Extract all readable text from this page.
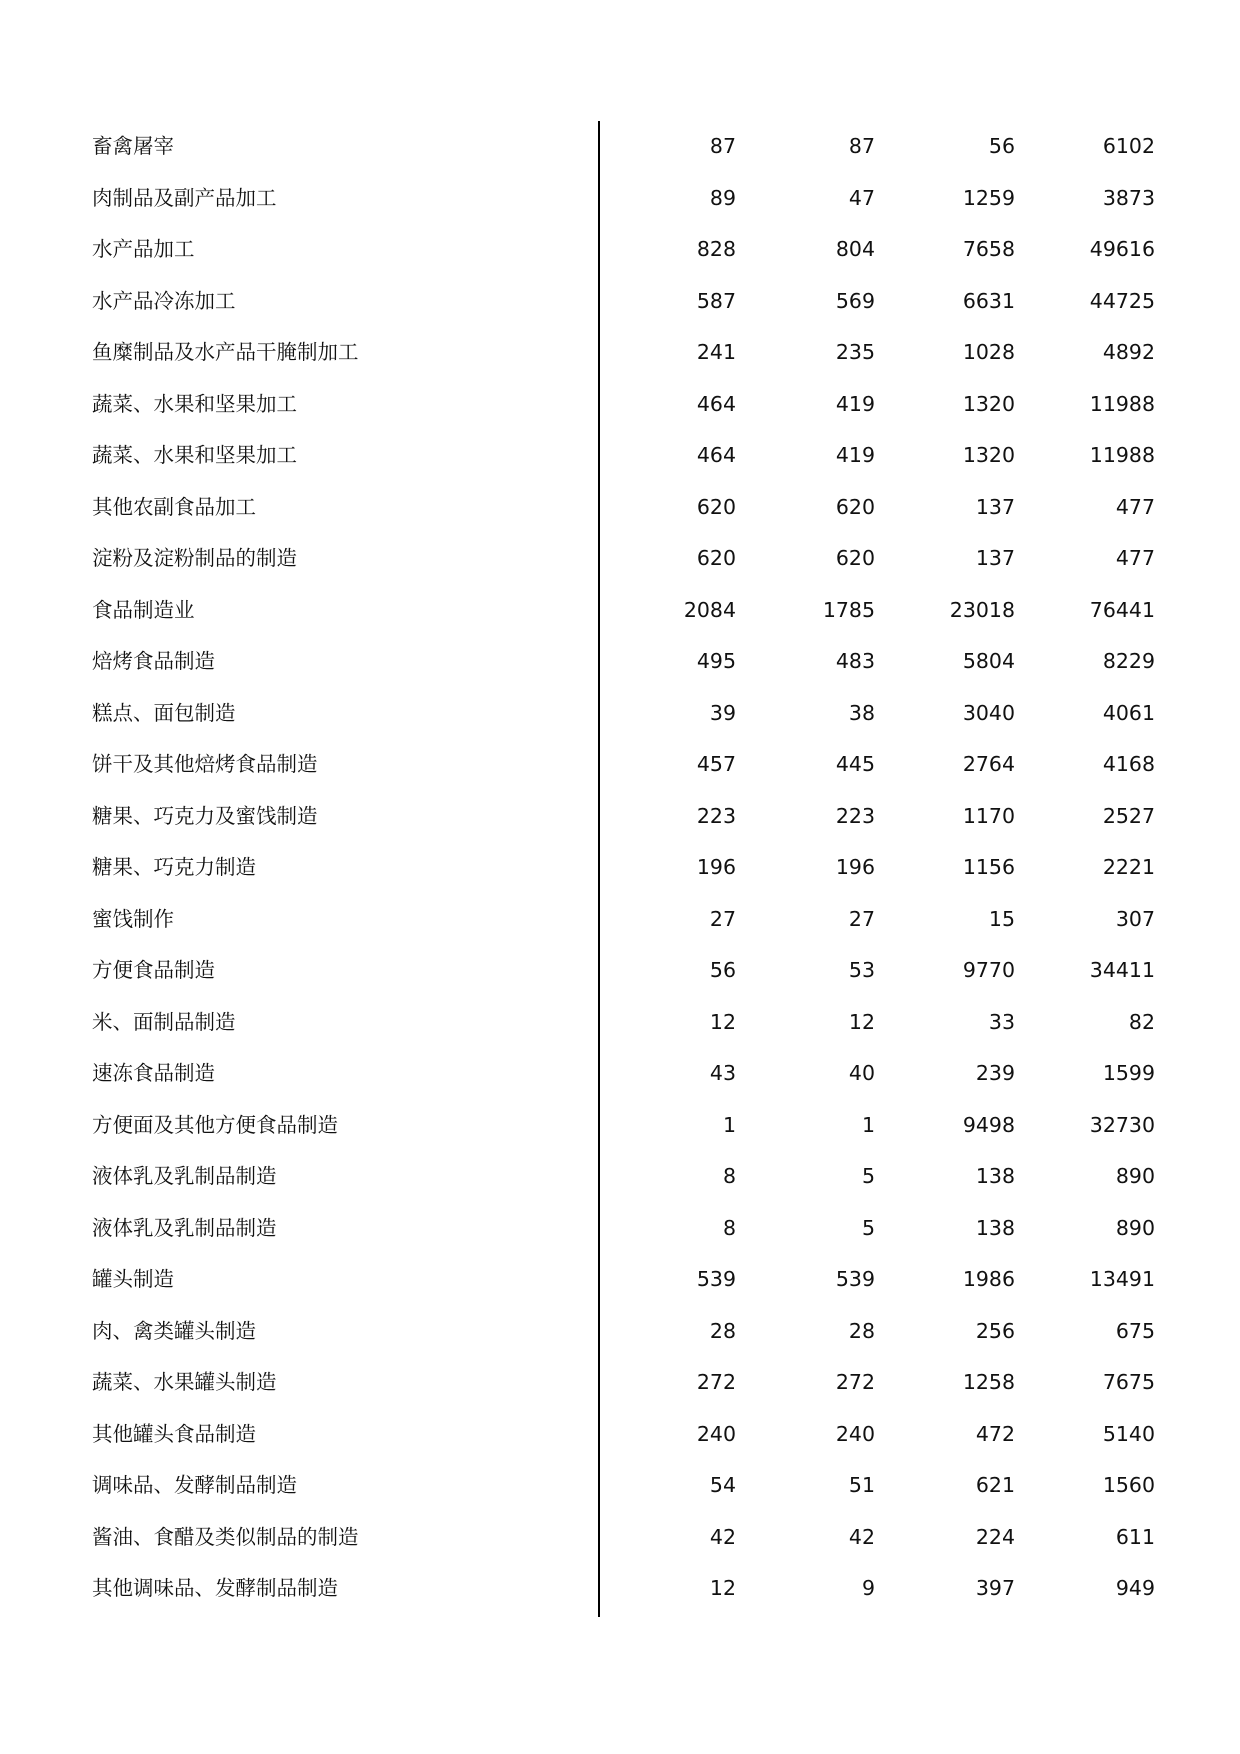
畜禽屠宰	87	87	56	6102
肉制品及副产品加工	89	47	1259	3873
水产品加工	828	804	7658	49616
水产品冷冻加工	587	569	6631	44725
鱼糜制品及水产品干腌制加工	241	235	1028	4892
蔬菜、水果和坚果加工	464	419	1320	11988
蔬菜、水果和坚果加工	464	419	1320	11988
其他农副食品加工	620	620	137	477
淀粉及淀粉制品的制造	620	620	137	477
食品制造业	2084	1785	23018	76441
焙烤食品制造	495	483	5804	8229
糕点、面包制造	39	38	3040	4061
饼干及其他焙烤食品制造	457	445	2764	4168
糖果、巧克力及蜜饯制造	223	223	1170	2527
糖果、巧克力制造	196	196	1156	2221
蜜饯制作	27	27	15	307
方便食品制造	56	53	9770	34411
米、面制品制造	12	12	33	82
速冻食品制造	43	40	239	1599
方便面及其他方便食品制造	1	1	9498	32730
液体乳及乳制品制造	8	5	138	890
液体乳及乳制品制造	8	5	138	890
罐头制造	539	539	1986	13491
肉、禽类罐头制造	28	28	256	675
蔬菜、水果罐头制造	272	272	1258	7675
其他罐头食品制造	240	240	472	5140
调味品、发酵制品制造	54	51	621	1560
酱油、食醋及类似制品的制造	42	42	224	611
其他调味品、发酵制品制造	12	9	397	949
